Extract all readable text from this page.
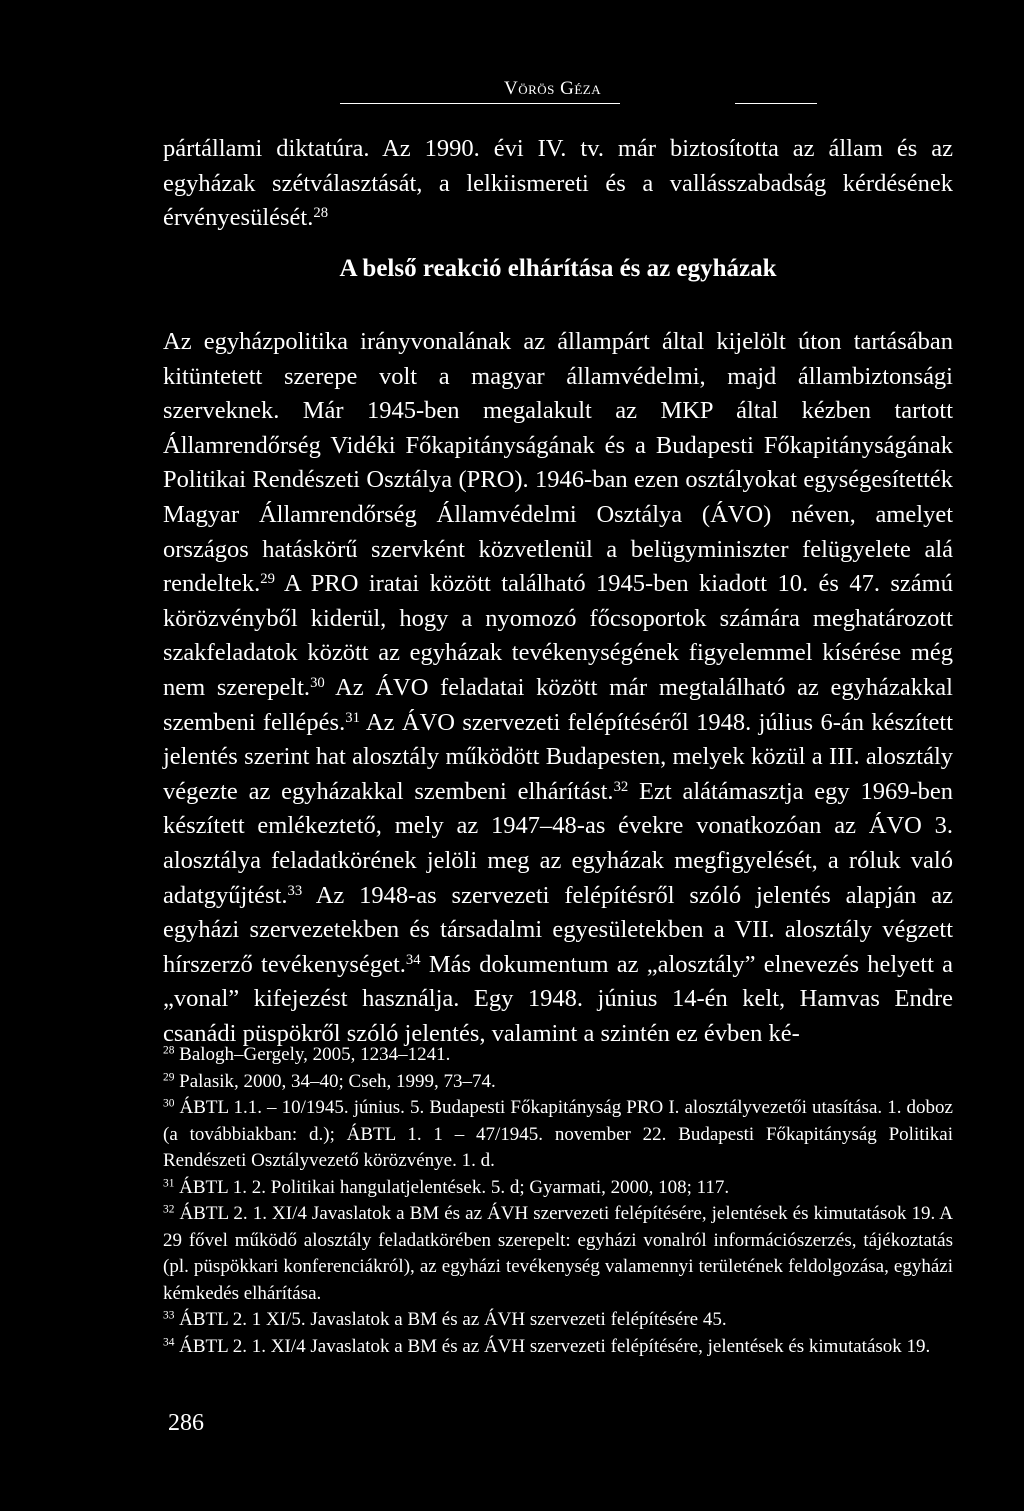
Vörös Géza

pártállami diktatúra. Az 1990. évi IV. tv. már biztosította az állam és az egyházak szétválasztását, a lelkiismereti és a vallásszabadság kérdésének érvényesülését.$^{28}$

A belső reakció elhárítása és az egyházak

Az egyházpolitika irányvonalának az állampárt által kijelölt úton tartásában kitüntetett szerepe volt a magyar államvédelmi, majd állambiztonsági szerveknek. Már 1945-ben megalakult az MKP által kézben tartott Államrendőrség Vidéki Főkapitányságának és a Budapesti Főkapitányságának Politikai Rendészeti Osztálya (PRO). 1946-ban ezen osztályokat egységesítették Magyar Államrendőrség Államvédelmi Osztálya (ÁVO) néven, amelyet országos hatáskörű szervként közvetlenül a belügyminiszter felügyelete alá rendeltek.$^{29}$ A PRO iratai között található 1945-ben kiadott 10. és 47. számú körözvényből kiderül, hogy a nyomozó főcsoportok számára meghatározott szakfeladatok között az egyházak tevékenységének figyelemmel kísérése még nem szerepelt.$^{30}$ Az ÁVO feladatai között már megtalálható az egyházakkal szembeni fellépés.$^{31}$ Az ÁVO szervezeti felépítéséről 1948. július 6-án készített jelentés szerint hat alosztály működött Budapesten, melyek közül a III. alosztály végezte az egyházakkal szembeni elhárítást.$^{32}$ Ezt alátámasztja egy 1969-ben készített emlékeztető, mely az 1947–48-as évekre vonatkozóan az ÁVO 3. alosztálya feladatkörének jelöli meg az egyházak megfigyelését, a róluk való adatgyűjtést.$^{33}$ Az 1948-as szervezeti felépítésről szóló jelentés alapján az egyházi szervezetekben és társadalmi egyesületekben a VII. alosztály végzett hírszerző tevékenységet.$^{34}$ Más dokumentum az „alosztály” elnevezés helyett a „vonal” kifejezést használja. Egy 1948. június 14-én kelt, Hamvas Endre csanádi püspökről szóló jelentés, valamint a szintén ez évben ké-

$^{28}$ Balogh–Gergely, 2005, 1234–1241.

$^{29}$ Palasik, 2000, 34–40; Cseh, 1999, 73–74.

$^{30}$ ÁBTL 1.1. – 10/1945. június. 5. Budapesti Főkapitányság PRO I. alosztályvezetői utasítása. 1. doboz (a továbbiakban: d.); ÁBTL 1. 1 – 47/1945. november 22. Budapesti Főkapitányság Politikai Rendészeti Osztályvezető körözvénye. 1. d.

$^{31}$ ÁBTL 1. 2. Politikai hangulatjelentések. 5. d; Gyarmati, 2000, 108; 117.

$^{32}$ ÁBTL 2. 1. XI/4 Javaslatok a BM és az ÁVH szervezeti felépítésére, jelentések és kimutatások 19. A 29 fővel működő alosztály feladatkörében szerepelt: egyházi vonalról információszerzés, tájékoztatás (pl. püspökkari konferenciákról), az egyházi tevékenység valamennyi területének feldolgozása, egyházi kémkedés elhárítása.

$^{33}$ ÁBTL 2. 1 XI/5. Javaslatok a BM és az ÁVH szervezeti felépítésére 45.

$^{34}$ ÁBTL 2. 1. XI/4 Javaslatok a BM és az ÁVH szervezeti felépítésére, jelentések és kimutatások 19.

286
